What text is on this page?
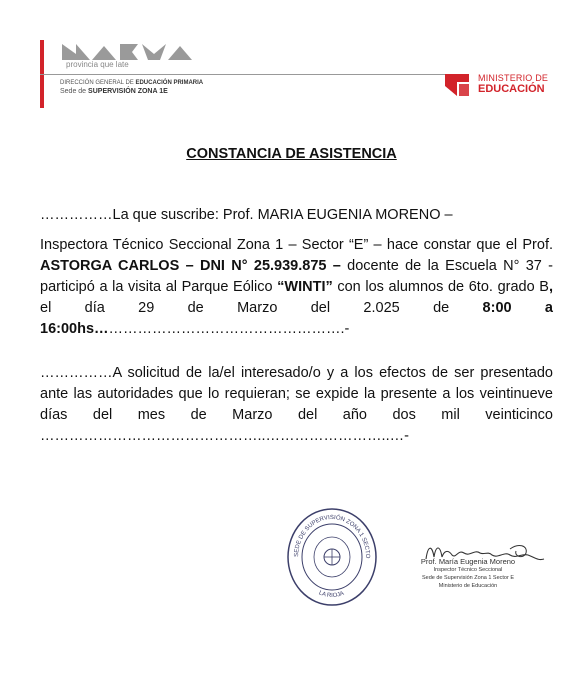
provincia que late
DIRECCIÓN GENERAL DE EDUCACIÓN PRIMARIA
Sede de SUPERVISIÓN ZONA 1E
MINISTERIO DE
EDUCACIÓN
CONSTANCIA DE ASISTENCIA
……………La que suscribe: Prof. MARIA EUGENIA MORENO –
Inspectora Técnico Seccional Zona 1 – Sector “E” – hace constar que el Prof. ASTORGA CARLOS – DNI N° 25.939.875 – docente de la Escuela N° 37 - participó a la visita al Parque Eólico “WINTI” con los alumnos de 6to. grado B, el día 29 de Marzo del 2.025 de 8:00 a 16:00hs…………………………………………….-
……………A solicitud de la/el interesado/o y a los efectos de ser presentado ante las autoridades que lo requieran; se expide la presente a los veintinueve días del mes de Marzo del año dos mil veinticinco ………………………………………..……………………..…-
SEDE DE SUPERVISIÓN ZONA 1 SECTO
LA RIOJA
Prof. María Eugenia Moreno
Inspector Técnico Seccional
Sede de Supervisión Zona 1 Sector E
Ministerio de Educación
